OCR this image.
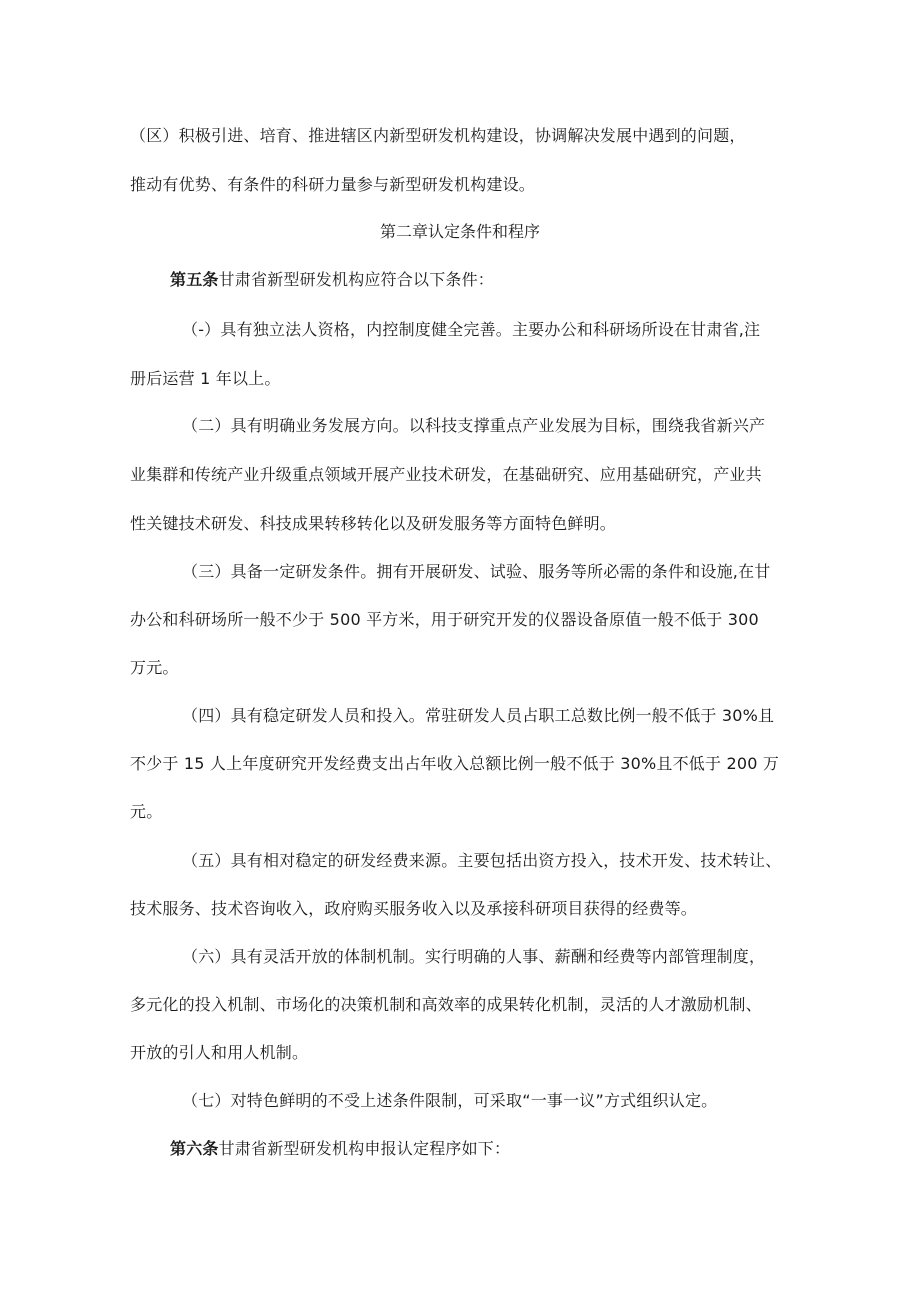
（区）积极引进、培育、推进辖区内新型研发机构建设，协调解决发展中遇到的问题，
推动有优势、有条件的科研力量参与新型研发机构建设。
第二章认定条件和程序
第五条甘肃省新型研发机构应符合以下条件：
（-）具有独立法人资格，内控制度健全完善。主要办公和科研场所设在甘肃省,注
册后运营 1 年以上。
（二）具有明确业务发展方向。以科技支撑重点产业发展为目标，围绕我省新兴产
业集群和传统产业升级重点领域开展产业技术研发，在基础研究、应用基础研究，产业共
性关键技术研发、科技成果转移转化以及研发服务等方面特色鲜明。
（三）具备一定研发条件。拥有开展研发、试验、服务等所必需的条件和设施,在甘
办公和科研场所一般不少于 500 平方米，用于研究开发的仪器设备原值一般不低于 300
万元。
（四）具有稳定研发人员和投入。常驻研发人员占职工总数比例一般不低于 30%且
不少于 15 人上年度研究开发经费支出占年收入总额比例一般不低于 30%且不低于 200 万
元。
（五）具有相对稳定的研发经费来源。主要包括出资方投入，技术开发、技术转让、
技术服务、技术咨询收入，政府购买服务收入以及承接科研项目获得的经费等。
（六）具有灵活开放的体制机制。实行明确的人事、薪酬和经费等内部管理制度，
多元化的投入机制、市场化的决策机制和高效率的成果转化机制，灵活的人才激励机制、
开放的引人和用人机制。
（七）对特色鲜明的不受上述条件限制，可采取“一事一议”方式组织认定。
第六条甘肃省新型研发机构申报认定程序如下：
